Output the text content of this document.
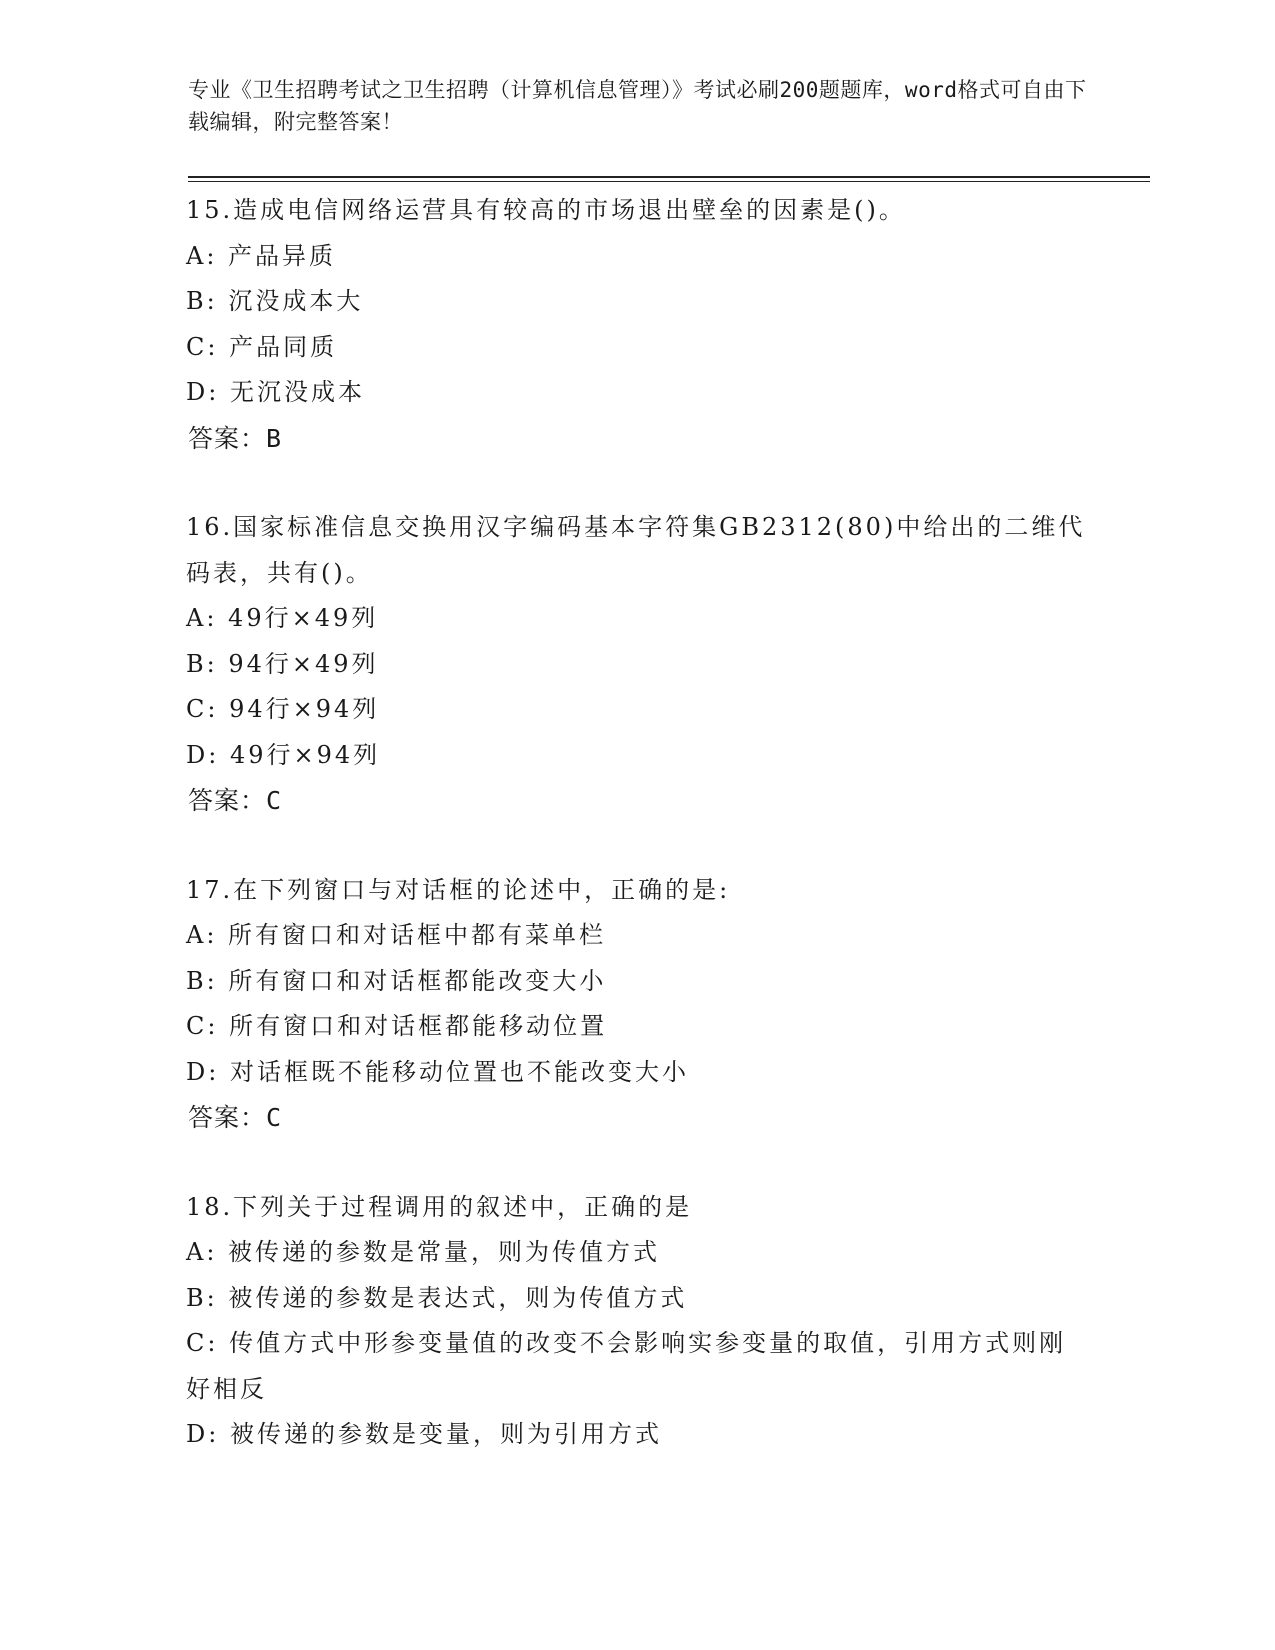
专业《卫生招聘考试之卫生招聘（计算机信息管理）》考试必刷200题题库，word格式可自由下载编辑，附完整答案！
15.造成电信网络运营具有较高的市场退出壁垒的因素是()。
A: 产品异质
B: 沉没成本大
C: 产品同质
D: 无沉没成本
答案：B
16.国家标准信息交换用汉字编码基本字符集GB2312(80)中给出的二维代码表，共有()。
A: 49行×49列
B: 94行×49列
C: 94行×94列
D: 49行×94列
答案：C
17.在下列窗口与对话框的论述中，正确的是:
A: 所有窗口和对话框中都有菜单栏
B: 所有窗口和对话框都能改变大小
C: 所有窗口和对话框都能移动位置
D: 对话框既不能移动位置也不能改变大小
答案：C
18.下列关于过程调用的叙述中，正确的是
A: 被传递的参数是常量，则为传值方式
B: 被传递的参数是表达式，则为传值方式
C: 传值方式中形参变量值的改变不会影响实参变量的取值，引用方式则刚好相反
D: 被传递的参数是变量，则为引用方式
